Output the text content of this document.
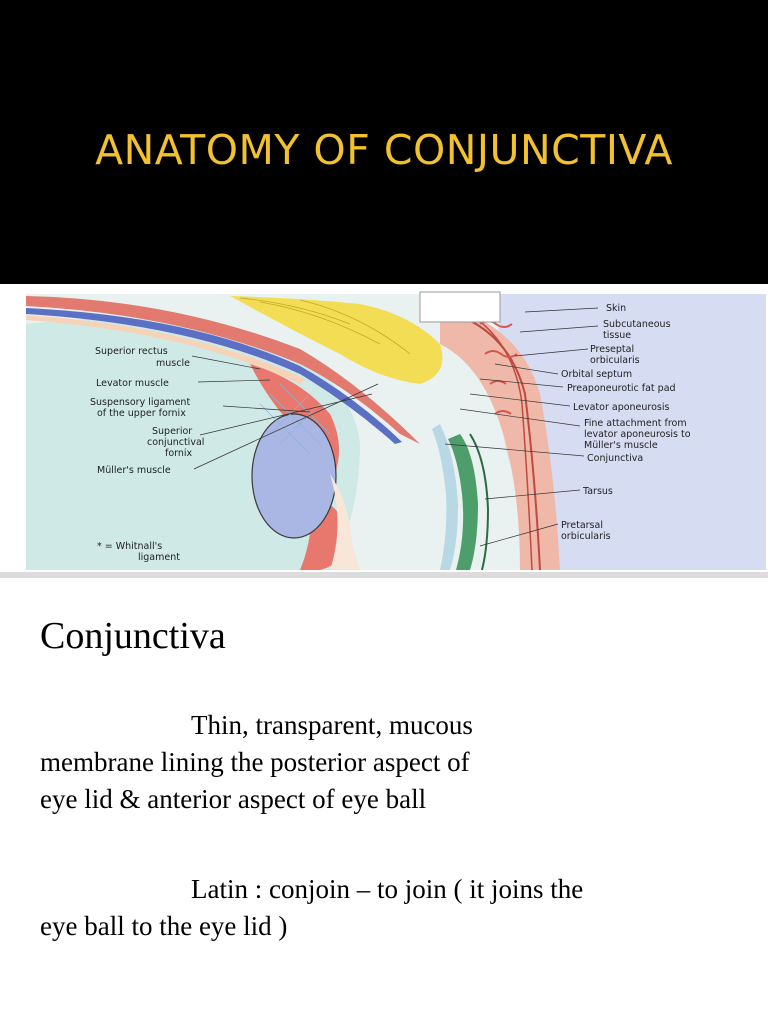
ANATOMY OF CONJUNCTIVA
Superior rectus
muscle
Levator muscle
Suspensory ligament
of the upper fornix
Superior
conjunctival
fornix
Müller's muscle
* = Whitnall's
ligament
Skin
Subcutaneous
tissue
Preseptal
orbicularis
Orbital septum
Preaponeurotic fat pad
Levator aponeurosis
Fine attachment from
levator aponeurosis to
Müller's muscle
Conjunctiva
Tarsus
Pretarsal
orbicularis
Conjunctiva

Thin, transparent, mucous
membrane lining the posterior aspect of
eye lid & anterior aspect of eye ball

Latin : conjoin – to join ( it joins the
eye ball to the eye lid )
